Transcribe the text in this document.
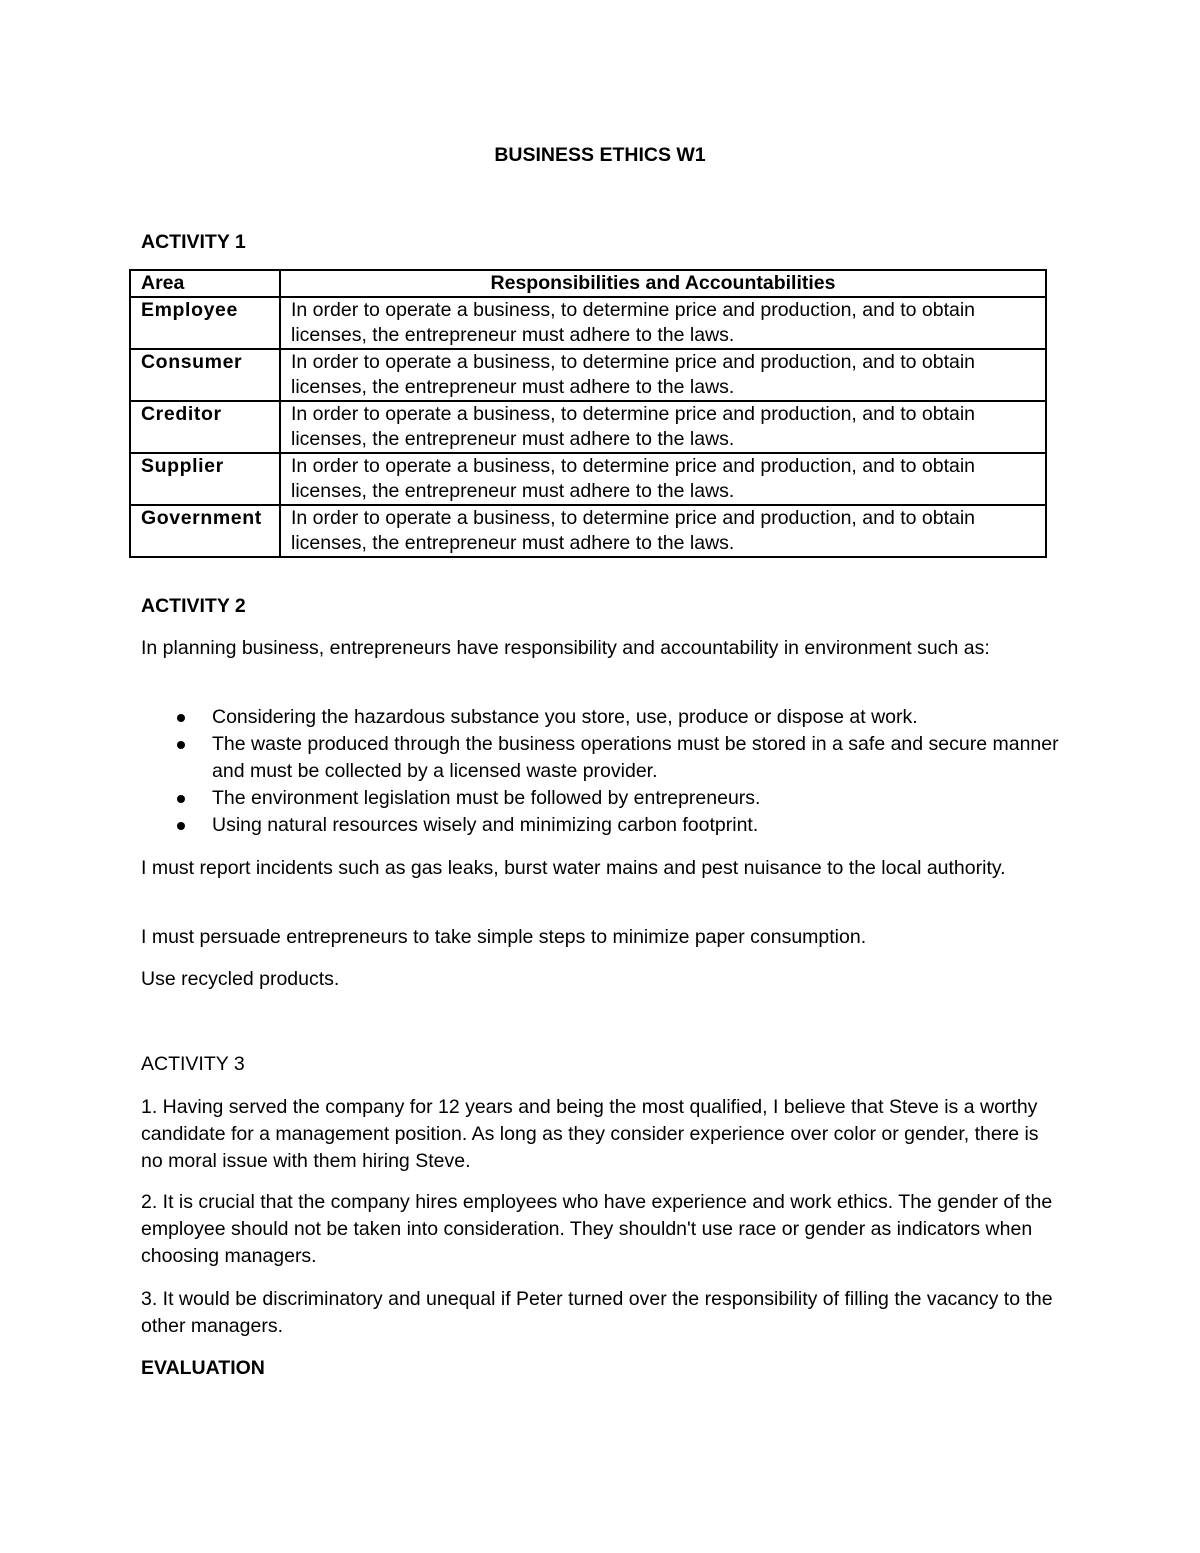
BUSINESS ETHICS W1
ACTIVITY 1
Area	Responsibilities and Accountabilities
Employee	In order to operate a business, to determine price and production, and to obtain licenses, the entrepreneur must adhere to the laws.
Consumer	In order to operate a business, to determine price and production, and to obtain licenses, the entrepreneur must adhere to the laws.
Creditor	In order to operate a business, to determine price and production, and to obtain licenses, the entrepreneur must adhere to the laws.
Supplier	In order to operate a business, to determine price and production, and to obtain licenses, the entrepreneur must adhere to the laws.
Government	In order to operate a business, to determine price and production, and to obtain licenses, the entrepreneur must adhere to the laws.
ACTIVITY 2

In planning business, entrepreneurs have responsibility and accountability in environment such as:

Considering the hazardous substance you store, use, produce or dispose at work.
The waste produced through the business operations must be stored in a safe and secure manner and must be collected by a licensed waste provider.
The environment legislation must be followed by entrepreneurs.
Using natural resources wisely and minimizing carbon footprint.

I must report incidents such as gas leaks, burst water mains and pest nuisance to the local authority.

I must persuade entrepreneurs to take simple steps to minimize paper consumption.

Use recycled products.

ACTIVITY 3

1. Having served the company for 12 years and being the most qualified, I believe that Steve is a worthy candidate for a management position. As long as they consider experience over color or gender, there is no moral issue with them hiring Steve.

2. It is crucial that the company hires employees who have experience and work ethics. The gender of the employee should not be taken into consideration. They shouldn't use race or gender as indicators when choosing managers.

3. It would be discriminatory and unequal if Peter turned over the responsibility of filling the vacancy to the other managers.

EVALUATION
